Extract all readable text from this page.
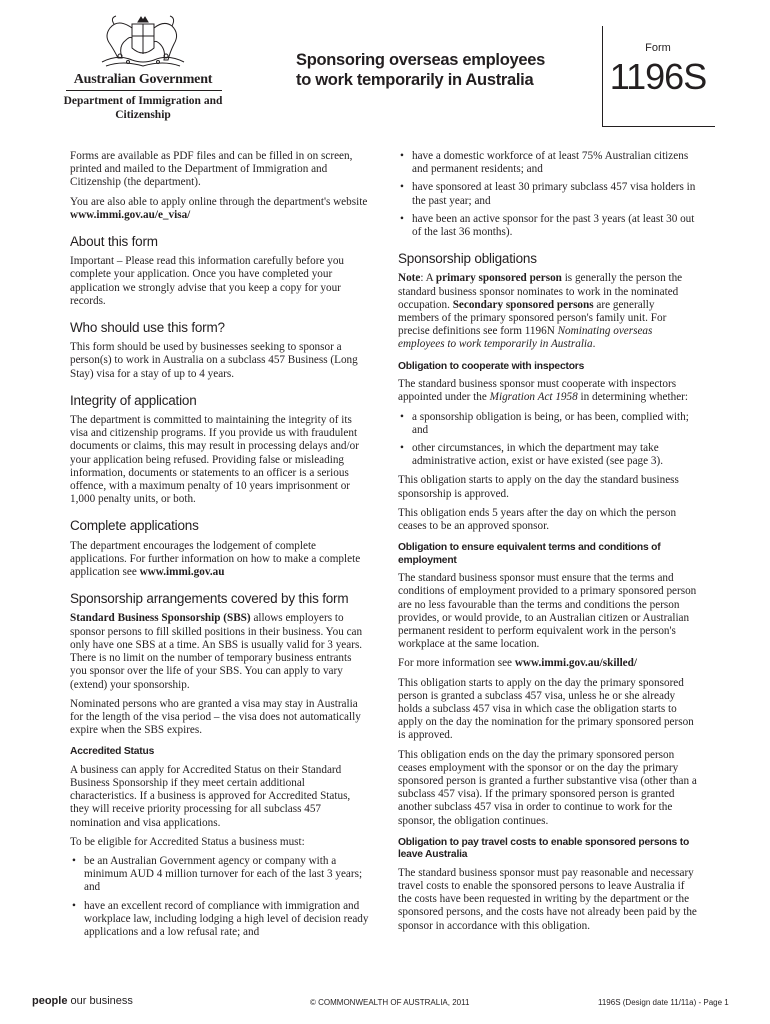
Australian Government
Department of Immigration and Citizenship
Sponsoring overseas employees to work temporarily in Australia
Form
1196S

Forms are available as PDF files and can be filled in on screen, printed and mailed to the Department of Immigration and Citizenship (the department).

You are also able to apply online through the department's website www.immi.gov.au/e_visa/

About this form

Important – Please read this information carefully before you complete your application. Once you have completed your application we strongly advise that you keep a copy for your records.

Who should use this form?

This form should be used by businesses seeking to sponsor a person(s) to work in Australia on a subclass 457 Business (Long Stay) visa for a stay of up to 4 years.

Integrity of application

The department is committed to maintaining the integrity of its visa and citizenship programs. If you provide us with fraudulent documents or claims, this may result in processing delays and/or your application being refused. Providing false or misleading information, documents or statements to an officer is a serious offence, with a maximum penalty of 10 years imprisonment or 1,000 penalty units, or both.

Complete applications

The department encourages the lodgement of complete applications. For further information on how to make a complete application see www.immi.gov.au

Sponsorship arrangements covered by this form

Standard Business Sponsorship (SBS) allows employers to sponsor persons to fill skilled positions in their business. You can only have one SBS at a time. An SBS is usually valid for 3 years. There is no limit on the number of temporary business entrants you sponsor over the life of your SBS. You can apply to vary (extend) your sponsorship.

Nominated persons who are granted a visa may stay in Australia for the length of the visa period – the visa does not automatically expire when the SBS expires.

Accredited Status

A business can apply for Accredited Status on their Standard Business Sponsorship if they meet certain additional characteristics. If a business is approved for Accredited Status, they will receive priority processing for all subclass 457 nomination and visa applications.

To be eligible for Accredited Status a business must:

• be an Australian Government agency or company with a minimum AUD 4 million turnover for each of the last 3 years; and
• have an excellent record of compliance with immigration and workplace law, including lodging a high level of decision ready applications and a low refusal rate; and
• have a domestic workforce of at least 75% Australian citizens and permanent residents; and
• have sponsored at least 30 primary subclass 457 visa holders in the past year; and
• have been an active sponsor for the past 3 years (at least 30 out of the last 36 months).
Sponsorship obligations

Note: A primary sponsored person is generally the person the standard business sponsor nominates to work in the nominated occupation. Secondary sponsored persons are generally members of the primary sponsored person's family unit. For precise definitions see form 1196N Nominating overseas employees to work temporarily in Australia.

Obligation to cooperate with inspectors

The standard business sponsor must cooperate with inspectors appointed under the Migration Act 1958 in determining whether:

• a sponsorship obligation is being, or has been, complied with; and
• other circumstances, in which the department may take administrative action, exist or have existed (see page 3).

This obligation starts to apply on the day the standard business sponsorship is approved.

This obligation ends 5 years after the day on which the person ceases to be an approved sponsor.

Obligation to ensure equivalent terms and conditions of employment

The standard business sponsor must ensure that the terms and conditions of employment provided to a primary sponsored person are no less favourable than the terms and conditions the person provides, or would provide, to an Australian citizen or Australian permanent resident to perform equivalent work in the person's workplace at the same location.

For more information see www.immi.gov.au/skilled/

This obligation starts to apply on the day the primary sponsored person is granted a subclass 457 visa, unless he or she already holds a subclass 457 visa in which case the obligation starts to apply on the day the nomination for the primary sponsored person is approved.

This obligation ends on the day the primary sponsored person ceases employment with the sponsor or on the day the primary sponsored person is granted a further substantive visa (other than a subclass 457 visa). If the primary sponsored person is granted another subclass 457 visa in order to continue to work for the sponsor, the obligation continues.

Obligation to pay travel costs to enable sponsored persons to leave Australia

The standard business sponsor must pay reasonable and necessary travel costs to enable the sponsored persons to leave Australia if the costs have been requested in writing by the department or the sponsored persons, and the costs have not already been paid by the sponsor in accordance with this obligation.

people our business	© COMMONWEALTH OF AUSTRALIA, 2011	1196S (Design date 11/11a) - Page 1
